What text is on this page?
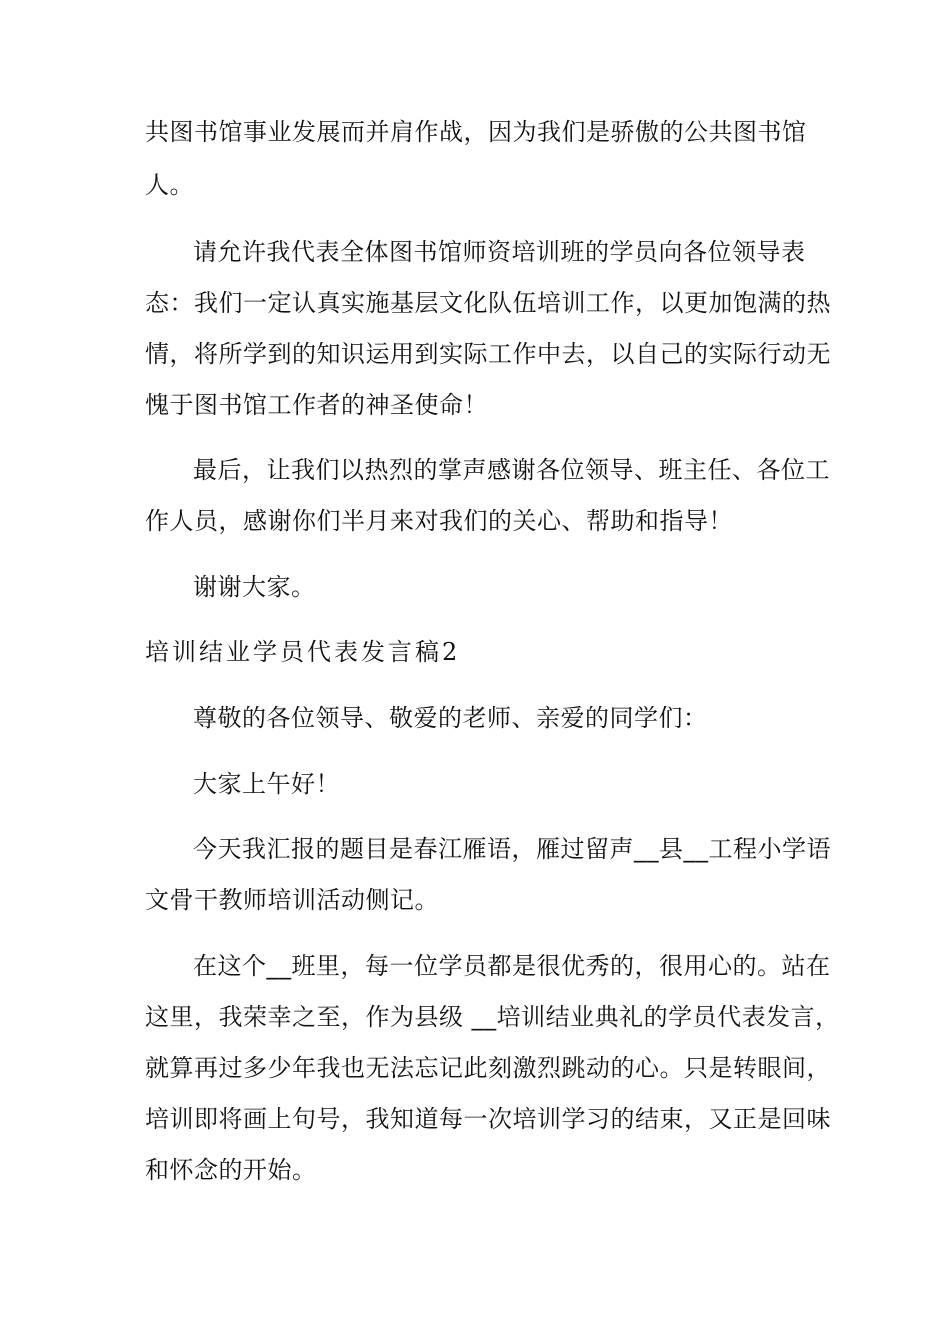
共图书馆事业发展而并肩作战，因为我们是骄傲的公共图书馆
人。
请允许我代表全体图书馆师资培训班的学员向各位领导表
态：我们一定认真实施基层文化队伍培训工作，以更加饱满的热
情，将所学到的知识运用到实际工作中去，以自己的实际行动无
愧于图书馆工作者的神圣使命！
最后，让我们以热烈的掌声感谢各位领导、班主任、各位工
作人员，感谢你们半月来对我们的关心、帮助和指导！
谢谢大家。
培训结业学员代表发言稿2
尊敬的各位领导、敬爱的老师、亲爱的同学们：
大家上午好！
今天我汇报的题目是春江雁语，雁过留声__县__工程小学语
文骨干教师培训活动侧记。
在这个__班里，每一位学员都是很优秀的，很用心的。站在
这里，我荣幸之至，作为县级 __培训结业典礼的学员代表发言，
就算再过多少年我也无法忘记此刻激烈跳动的心。只是转眼间，
培训即将画上句号，我知道每一次培训学习的结束，又正是回味
和怀念的开始。
